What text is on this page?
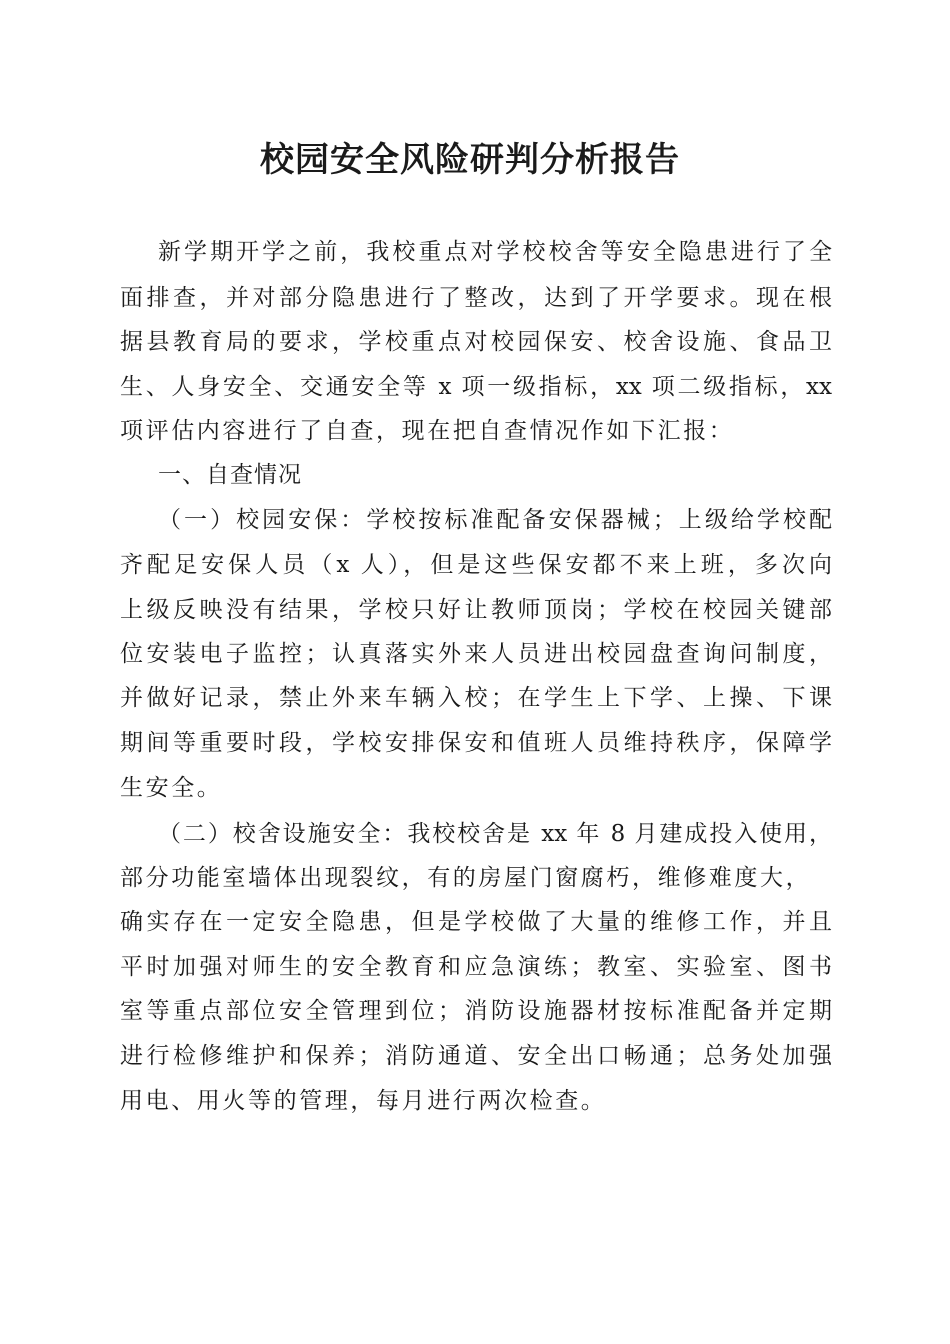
校园安全风险研判分析报告
新学期开学之前，我校重点对学校校舍等安全隐患进行了全
面排查，并对部分隐患进行了整改，达到了开学要求。现在根
据县教育局的要求，学校重点对校园保安、校舍设施、食品卫
生、人身安全、交通安全等 x 项一级指标，xx 项二级指标，xx
项评估内容进行了自查，现在把自查情况作如下汇报：
一、自查情况
（一）校园安保：学校按标准配备安保器械；上级给学校配
齐配足安保人员（x 人），但是这些保安都不来上班，多次向
上级反映没有结果，学校只好让教师顶岗；学校在校园关键部
位安装电子监控；认真落实外来人员进出校园盘查询问制度，
并做好记录，禁止外来车辆入校；在学生上下学、上操、下课
期间等重要时段，学校安排保安和值班人员维持秩序，保障学
生安全。
（二）校舍设施安全：我校校舍是 xx 年 8 月建成投入使用，
部分功能室墙体出现裂纹，有的房屋门窗腐朽，维修难度大，
确实存在一定安全隐患，但是学校做了大量的维修工作，并且
平时加强对师生的安全教育和应急演练；教室、实验室、图书
室等重点部位安全管理到位；消防设施器材按标准配备并定期
进行检修维护和保养；消防通道、安全出口畅通；总务处加强
用电、用火等的管理，每月进行两次检查。
